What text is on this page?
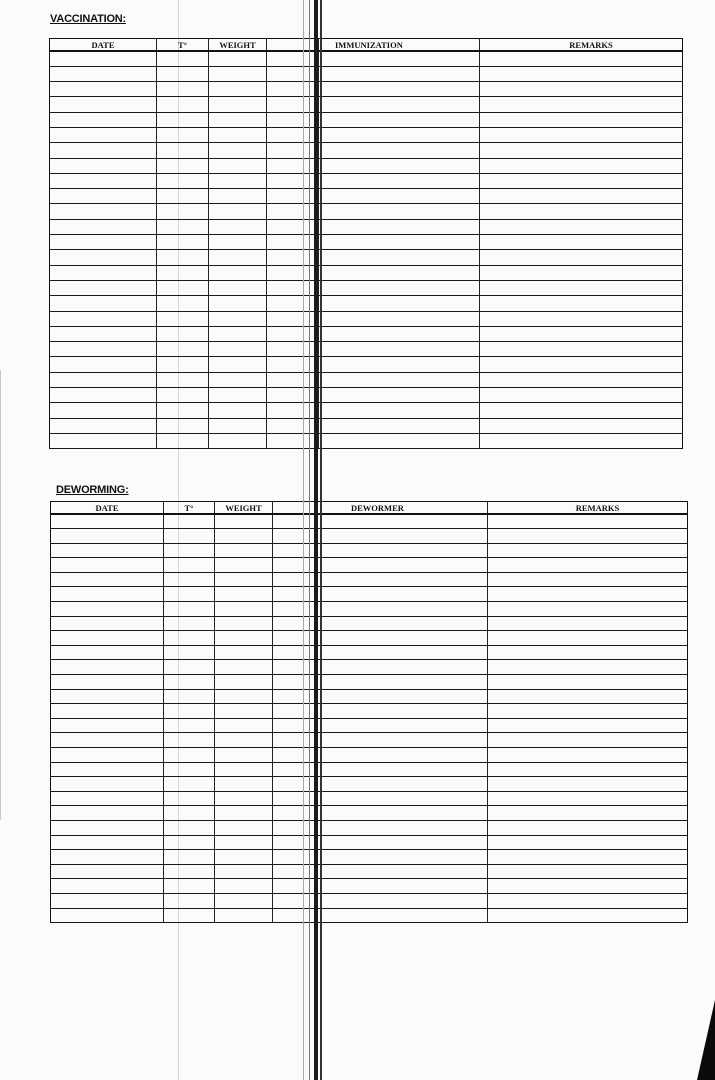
VACCINATION:
DATE	T°	WEIGHT		IMMUNIZATION	REMARKS

DEWORMING:
DATE	T°	WEIGHT		DEWORMER	REMARKS
